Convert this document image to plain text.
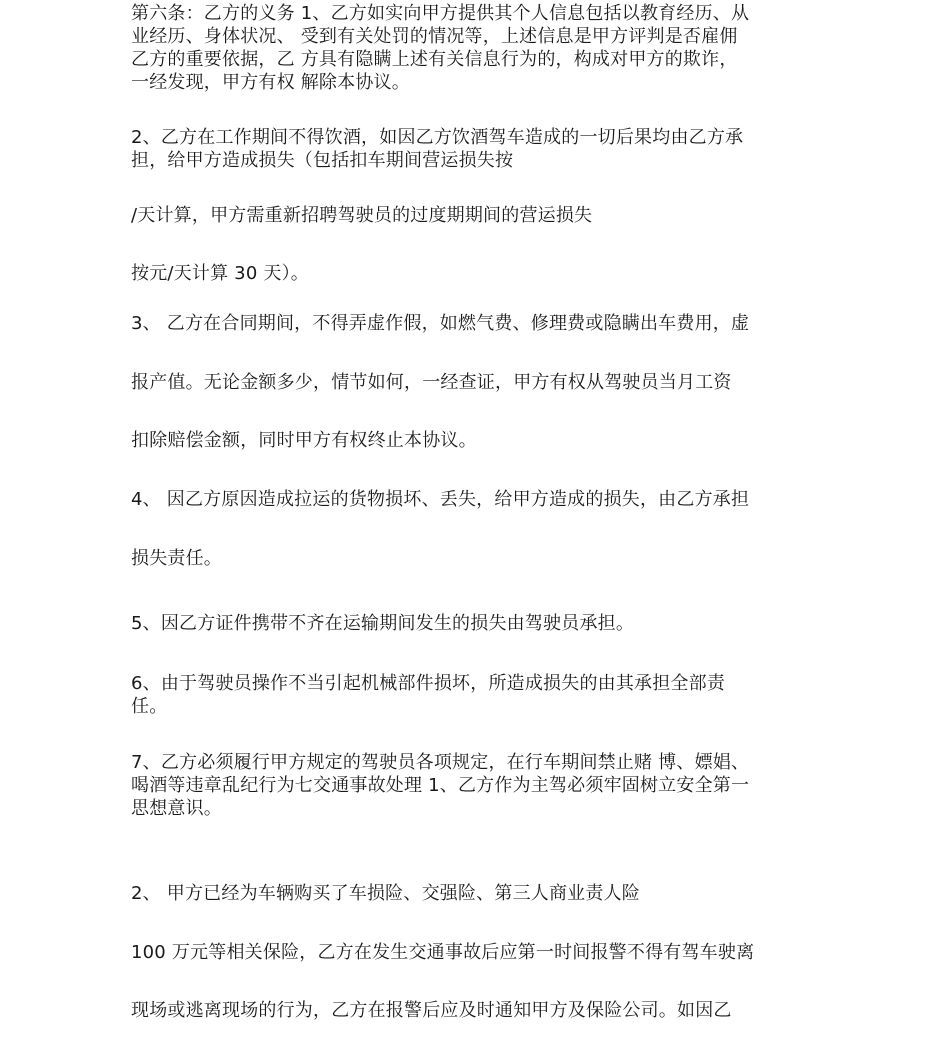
第六条：乙方的义务 1、乙方如实向甲方提供其个人信息包括以教育经历、从
业经历、身体状况、 受到有关处罚的情况等，上述信息是甲方评判是否雇佣
乙方的重要依据，乙 方具有隐瞒上述有关信息行为的，构成对甲方的欺诈，
一经发现，甲方有权 解除本协议。
2、乙方在工作期间不得饮酒，如因乙方饮酒驾车造成的一切后果均由乙方承
担，给甲方造成损失（包括扣车期间营运损失按
/天计算，甲方需重新招聘驾驶员的过度期期间的营运损失
按元/天计算 30 天）。
3、 乙方在合同期间，不得弄虚作假，如燃气费、修理费或隐瞒出车费用，虚
报产值。无论金额多少，情节如何，一经查证，甲方有权从驾驶员当月工资
扣除赔偿金额，同时甲方有权终止本协议。
4、 因乙方原因造成拉运的货物损坏、丢失，给甲方造成的损失，由乙方承担
损失责任。
5、因乙方证件携带不齐在运输期间发生的损失由驾驶员承担。
6、由于驾驶员操作不当引起机械部件损坏，所造成损失的由其承担全部责
任。
7、乙方必须履行甲方规定的驾驶员各项规定，在行车期间禁止赌 博、嫖娼、
喝酒等违章乱纪行为七交通事故处理 1、乙方作为主驾必须牢固树立安全第一
思想意识。
2、 甲方已经为车辆购买了车损险、交强险、第三人商业责人险
100 万元等相关保险，乙方在发生交通事故后应第一时间报警不得有驾车驶离
现场或逃离现场的行为，乙方在报警后应及时通知甲方及保险公司。如因乙
